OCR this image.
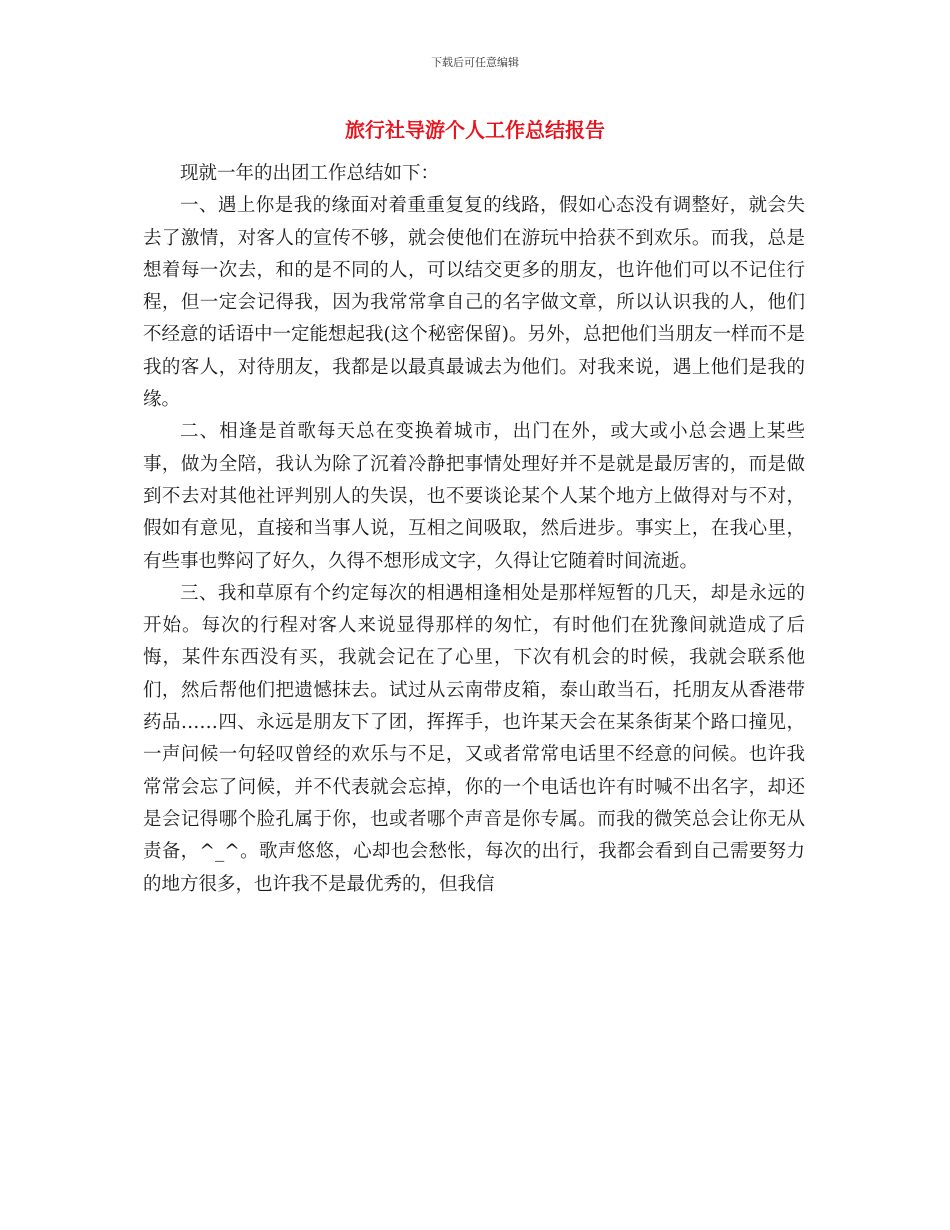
下载后可任意编辑
旅行社导游个人工作总结报告

现就一年的出团工作总结如下：

一、遇上你是我的缘面对着重重复复的线路，假如心态没有调整好，就会失去了激情，对客人的宣传不够，就会使他们在游玩中拾获不到欢乐。而我，总是想着每一次去，和的是不同的人，可以结交更多的朋友，也许他们可以不记住行程，但一定会记得我，因为我常常拿自己的名字做文章，所以认识我的人，他们不经意的话语中一定能想起我(这个秘密保留)。另外，总把他们当朋友一样而不是我的客人，对待朋友，我都是以最真最诚去为他们。对我来说，遇上他们是我的缘。

二、相逢是首歌每天总在变换着城市，出门在外，或大或小总会遇上某些事，做为全陪，我认为除了沉着冷静把事情处理好并不是就是最厉害的，而是做到不去对其他社评判别人的失误，也不要谈论某个人某个地方上做得对与不对，假如有意见，直接和当事人说，互相之间吸取，然后进步。事实上，在我心里，有些事也弊闷了好久，久得不想形成文字，久得让它随着时间流逝。

三、我和草原有个约定每次的相遇相逢相处是那样短暂的几天，却是永远的开始。每次的行程对客人来说显得那样的匆忙，有时他们在犹豫间就造成了后悔，某件东西没有买，我就会记在了心里，下次有机会的时候，我就会联系他们，然后帮他们把遗憾抹去。试过从云南带皮箱，泰山敢当石，托朋友从香港带药品……四、永远是朋友下了团，挥挥手，也许某天会在某条街某个路口撞见，一声问候一句轻叹曾经的欢乐与不足，又或者常常电话里不经意的问候。也许我常常会忘了问候，并不代表就会忘掉，你的一个电话也许有时喊不出名字，却还是会记得哪个脸孔属于你，也或者哪个声音是你专属。而我的微笑总会让你无从责备，^_^。歌声悠悠，心却也会愁怅，每次的出行，我都会看到自己需要努力的地方很多，也许我不是最优秀的，但我信
